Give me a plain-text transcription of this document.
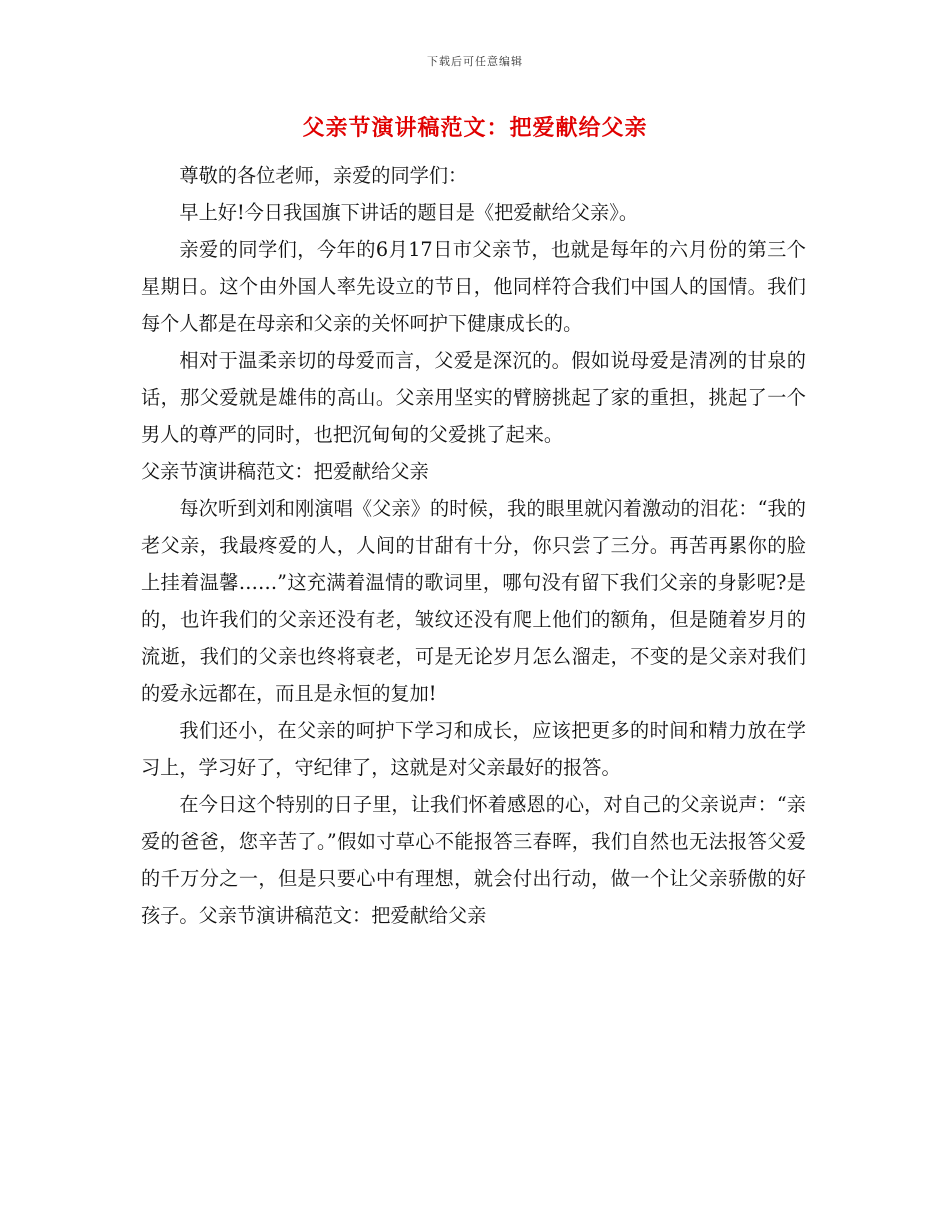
下载后可任意编辑
父亲节演讲稿范文：把爱献给父亲

尊敬的各位老师，亲爱的同学们：

早上好!今日我国旗下讲话的题目是《把爱献给父亲》。

亲爱的同学们，今年的6月17日市父亲节，也就是每年的六月份的第三个星期日。这个由外国人率先设立的节日，他同样符合我们中国人的国情。我们每个人都是在母亲和父亲的关怀呵护下健康成长的。

相对于温柔亲切的母爱而言，父爱是深沉的。假如说母爱是清冽的甘泉的话，那父爱就是雄伟的高山。父亲用坚实的臂膀挑起了家的重担，挑起了一个男人的尊严的同时，也把沉甸甸的父爱挑了起来。

父亲节演讲稿范文：把爱献给父亲

每次听到刘和刚演唱《父亲》的时候，我的眼里就闪着激动的泪花：“我的老父亲，我最疼爱的人，人间的甘甜有十分，你只尝了三分。再苦再累你的脸上挂着温馨……”这充满着温情的歌词里，哪句没有留下我们父亲的身影呢?是的，也许我们的父亲还没有老，皱纹还没有爬上他们的额角，但是随着岁月的流逝，我们的父亲也终将衰老，可是无论岁月怎么溜走，不变的是父亲对我们的爱永远都在，而且是永恒的复加!

我们还小，在父亲的呵护下学习和成长，应该把更多的时间和精力放在学习上，学习好了，守纪律了，这就是对父亲最好的报答。

在今日这个特别的日子里，让我们怀着感恩的心，对自己的父亲说声：“亲爱的爸爸，您辛苦了。”假如寸草心不能报答三春晖，我们自然也无法报答父爱的千万分之一，但是只要心中有理想，就会付出行动，做一个让父亲骄傲的好孩子。父亲节演讲稿范文：把爱献给父亲
